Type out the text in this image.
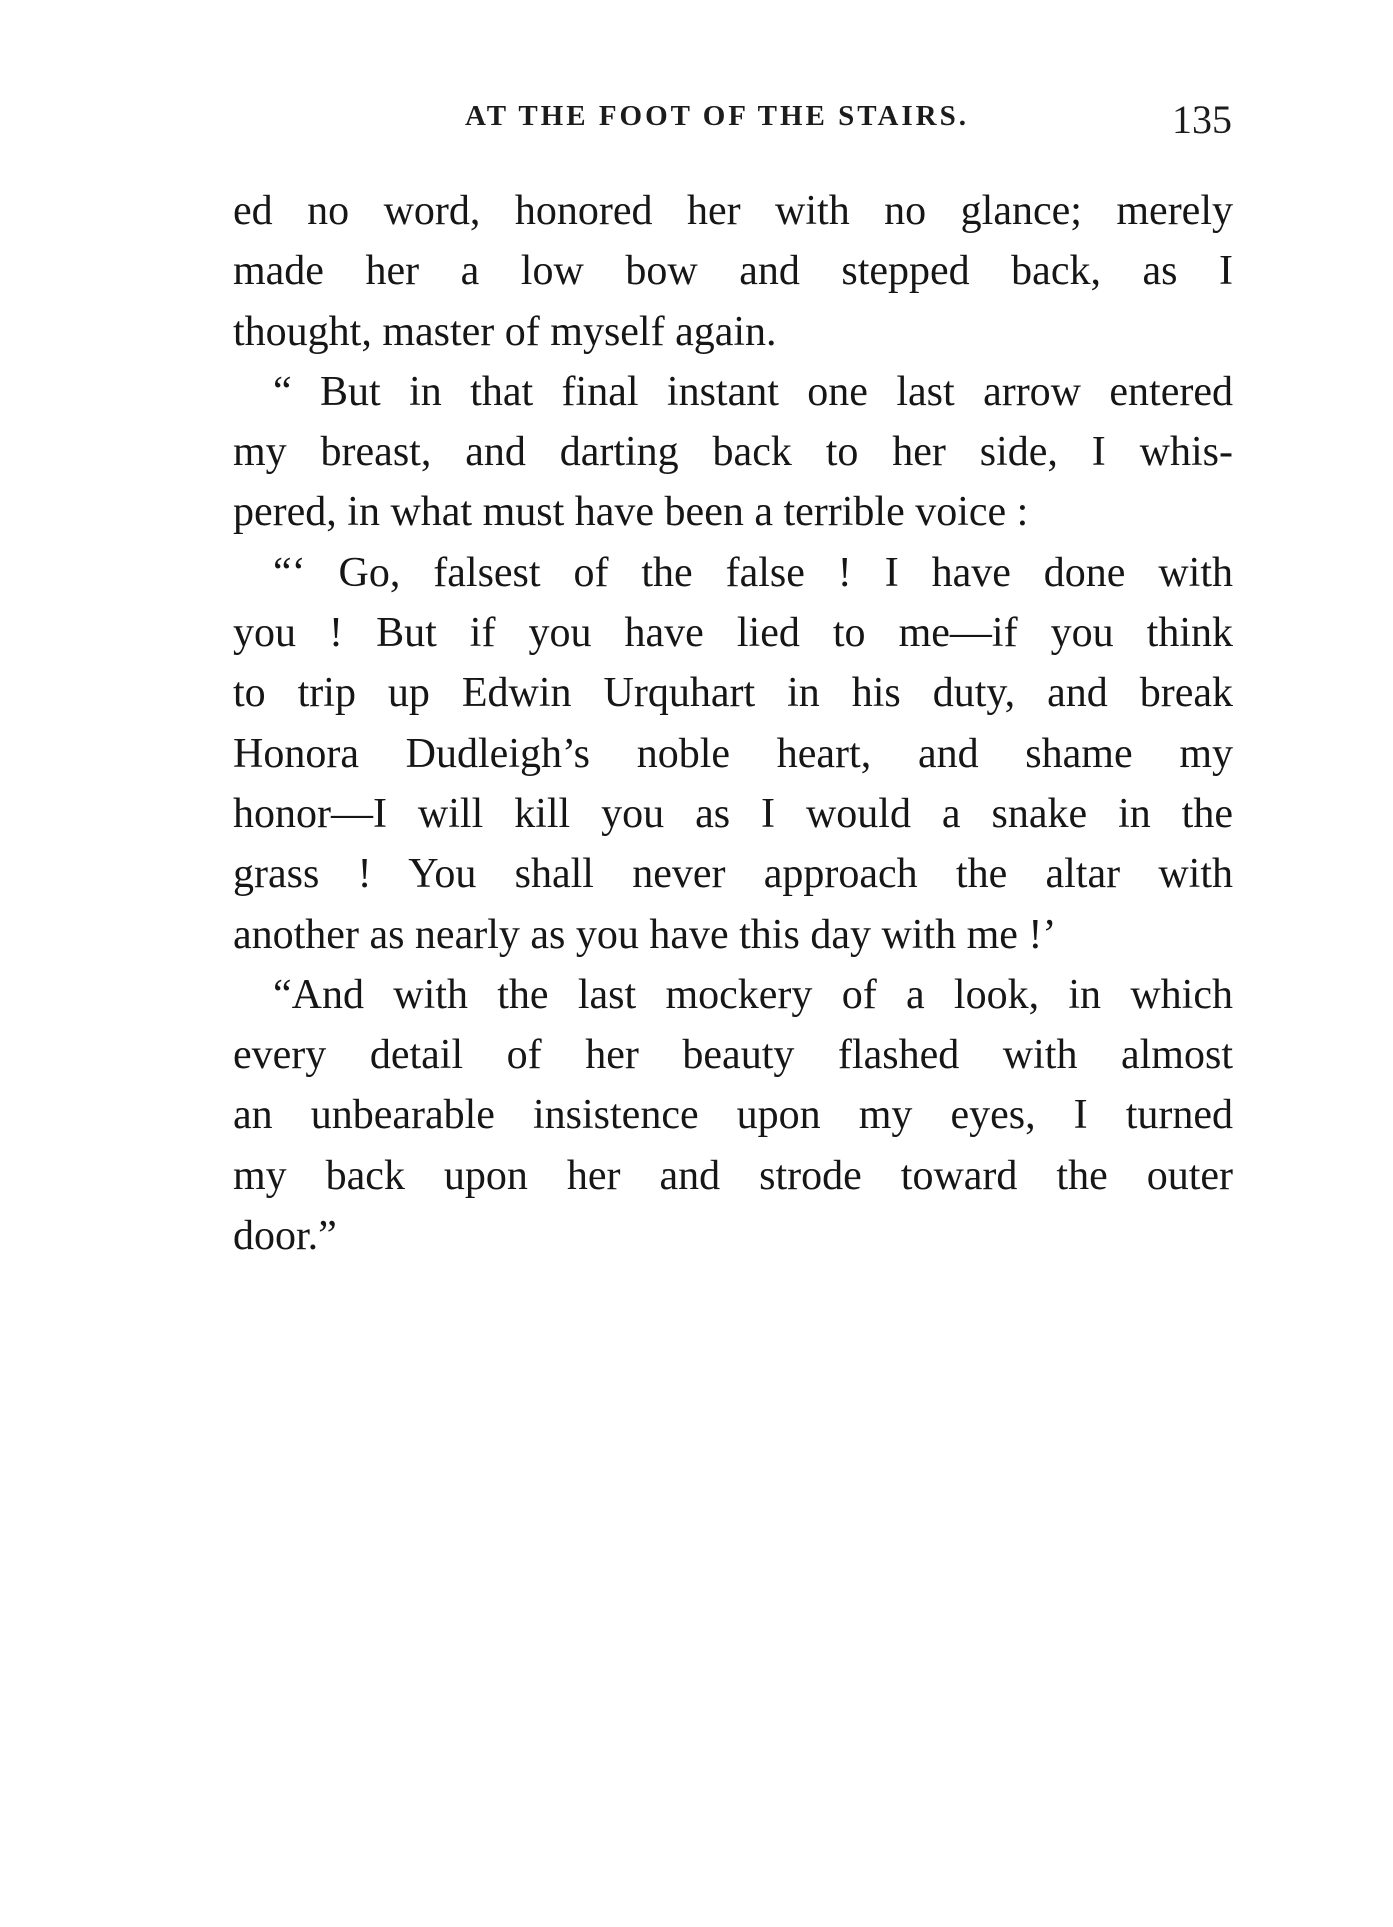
AT THE FOOT OF THE STAIRS.	135
ed no word, honored her with no glance; merely
made her a low bow and stepped back, as I
thought, master of myself again.
“ But in that final instant one last arrow entered
my breast, and darting back to her side, I whis-
pered, in what must have been a terrible voice :
“‘ Go, falsest of the false ! I have done with
you ! But if you have lied to me—if you think
to trip up Edwin Urquhart in his duty, and break
Honora Dudleigh’s noble heart, and shame my
honor—I will kill you as I would a snake in the
grass ! You shall never approach the altar with
another as nearly as you have this day with me !’
“And with the last mockery of a look, in which
every detail of her beauty flashed with almost
an unbearable insistence upon my eyes, I turned
my back upon her and strode toward the outer
door.”
